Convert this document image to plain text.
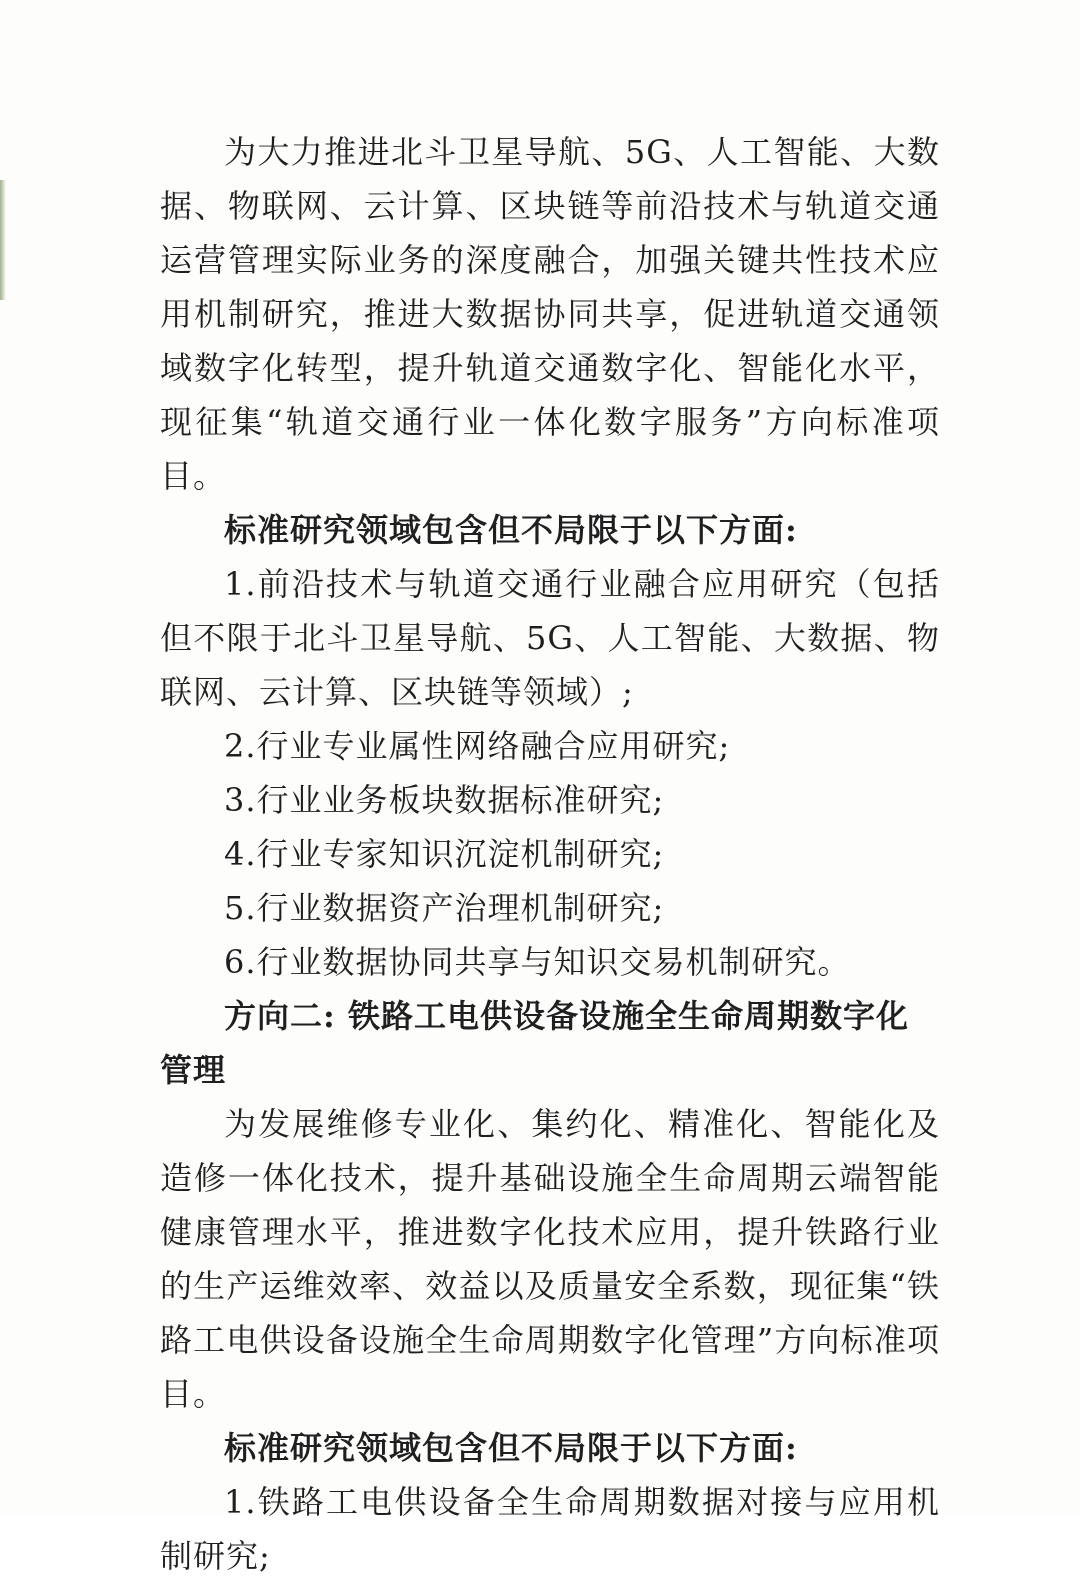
为大力推进北斗卫星导航、5G、人工智能、大数据、物联网、云计算、区块链等前沿技术与轨道交通运营管理实际业务的深度融合，加强关键共性技术应用机制研究，推进大数据协同共享，促进轨道交通领域数字化转型，提升轨道交通数字化、智能化水平，现征集“轨道交通行业一体化数字服务”方向标准项目。

标准研究领域包含但不局限于以下方面:

1.前沿技术与轨道交通行业融合应用研究（包括但不限于北斗卫星导航、5G、人工智能、大数据、物联网、云计算、区块链等领域）;

2.行业专业属性网络融合应用研究;

3.行业业务板块数据标准研究;

4.行业专家知识沉淀机制研究;

5.行业数据资产治理机制研究;

6.行业数据协同共享与知识交易机制研究。

方向二: 铁路工电供设备设施全生命周期数字化管理

为发展维修专业化、集约化、精准化、智能化及造修一体化技术，提升基础设施全生命周期云端智能健康管理水平，推进数字化技术应用，提升铁路行业的生产运维效率、效益以及质量安全系数，现征集“铁路工电供设备设施全生命周期数字化管理”方向标准项目。

标准研究领域包含但不局限于以下方面:

1.铁路工电供设备全生命周期数据对接与应用机制研究;
